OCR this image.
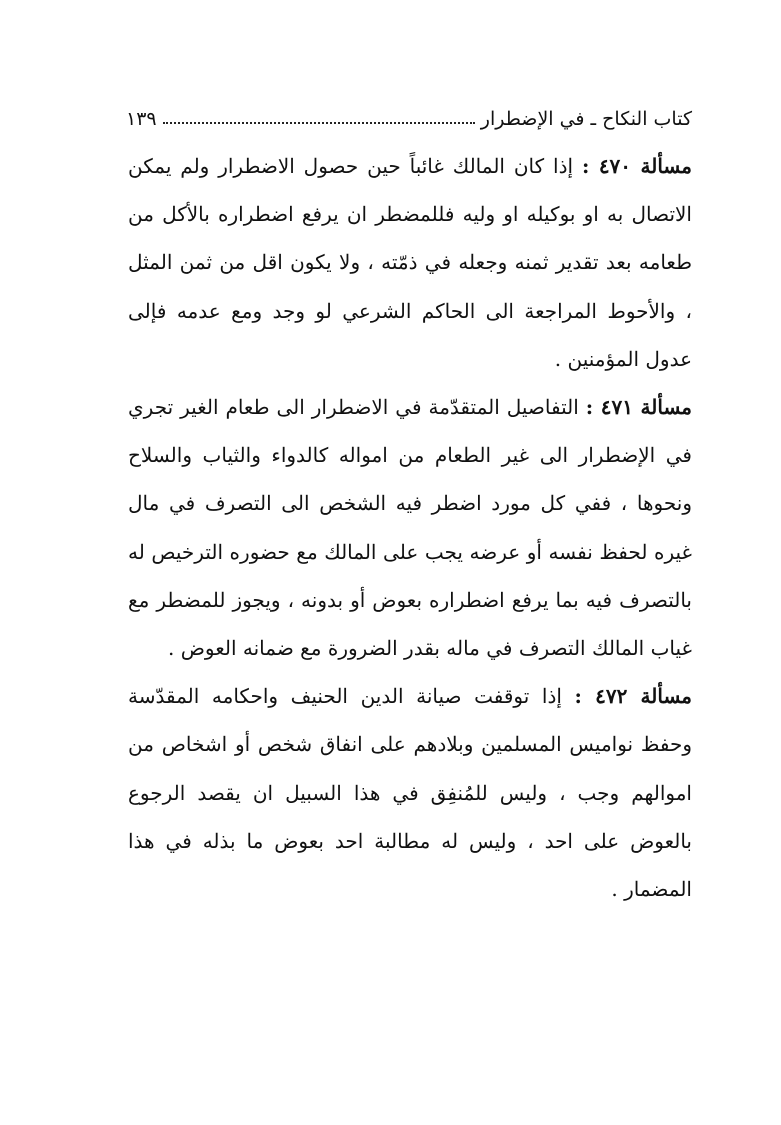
كتاب النكاح ـ في الإضطرار
١٣٩

مسألة ٤٧٠ : إذا كان المالك غائباً حين حصول الاضطرار ولم يمكن الاتصال به او بوكيله او وليه فللمضطر ان يرفع اضطراره بالأكل من طعامه بعد تقدير ثمنه وجعله في ذمّته ، ولا يكون اقل من ثمن المثل ، والأحوط المراجعة الى الحاكم الشرعي لو وجد ومع عدمه فإلى عدول المؤمنين .

مسألة ٤٧١ : التفاصيل المتقدّمة في الاضطرار الى طعام الغير تجري في الإضطرار الى غير الطعام من امواله كالدواء والثياب والسلاح ونحوها ، ففي كل مورد اضطر فيه الشخص الى التصرف في مال غيره لحفظ نفسه أو عرضه يجب على المالك مع حضوره الترخيص له بالتصرف فيه بما يرفع اضطراره بعوض أو بدونه ، ويجوز للمضطر مع غياب المالك التصرف في ماله بقدر الضرورة مع ضمانه العوض .

مسألة ٤٧٢ : إذا توقفت صيانة الدين الحنيف واحكامه المقدّسة وحفظ نواميس المسلمين وبلادهم على انفاق شخص أو اشخاص من اموالهم وجب ، وليس للمُنفِق في هذا السبيل ان يقصد الرجوع بالعوض على احد ، وليس له مطالبة احد بعوض ما بذله في هذا المضمار .
